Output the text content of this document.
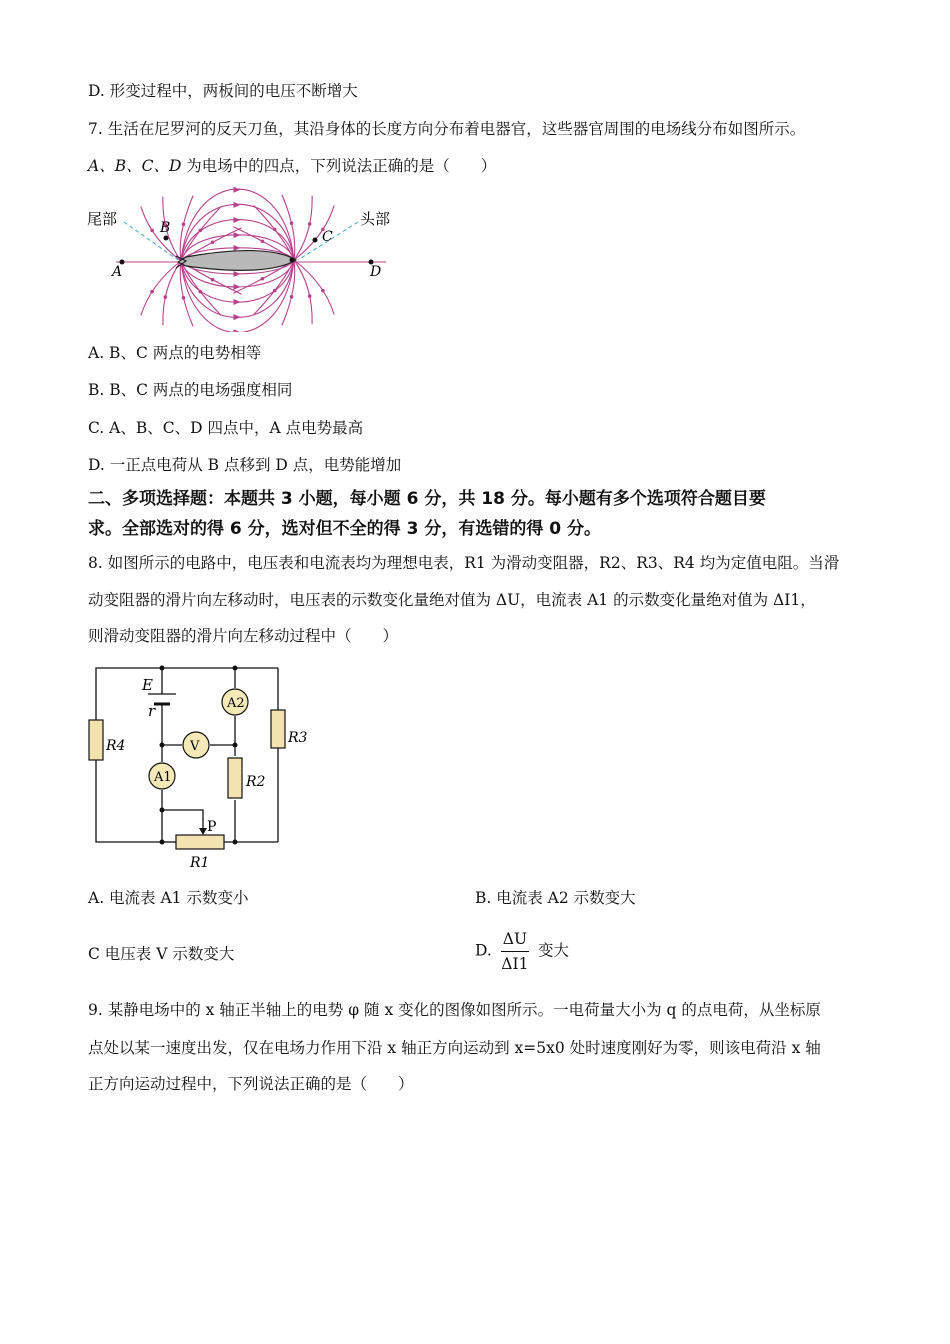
D. 形变过程中，两板间的电压不断增大
7. 生活在尼罗河的反天刀鱼，其沿身体的长度方向分布着电器官，这些器官周围的电场线分布如图所示。
A、B、C、D 为电场中的四点，下列说法正确的是（　　）
尾部	头部
A
B
C
D
A. B、C 两点的电势相等
B. B、C 两点的电场强度相同
C. A、B、C、D 四点中，A 点电势最高
D. 一正点电荷从 B 点移到 D 点，电势能增加
二、多项选择题：本题共 3 小题，每小题 6 分，共 18 分。每小题有多个选项符合题目要
求。全部选对的得 6 分，选对但不全的得 3 分，有选错的得 0 分。
8. 如图所示的电路中，电压表和电流表均为理想电表，R1 为滑动变阻器，R2、R3、R4 均为定值电阻。当滑
动变阻器的滑片向左移动时，电压表的示数变化量绝对值为 ΔU，电流表 A1 的示数变化量绝对值为 ΔI1，
则滑动变阻器的滑片向左移动过程中（　　）
E
r
R4	R3
R2
R1
P
A2
V
A1
A. 电流表 A1 示数变小	B. 电流表 A2 示数变大
C 电压表 V 示数变大	D. $\frac{\Delta U}{\Delta I1}$ 变大
9. 某静电场中的 x 轴正半轴上的电势 φ 随 x 变化的图像如图所示。一电荷量大小为 q 的点电荷，从坐标原
点处以某一速度出发，仅在电场力作用下沿 x 轴正方向运动到 x=5x0 处时速度刚好为零，则该电荷沿 x 轴
正方向运动过程中，下列说法正确的是（　　）
